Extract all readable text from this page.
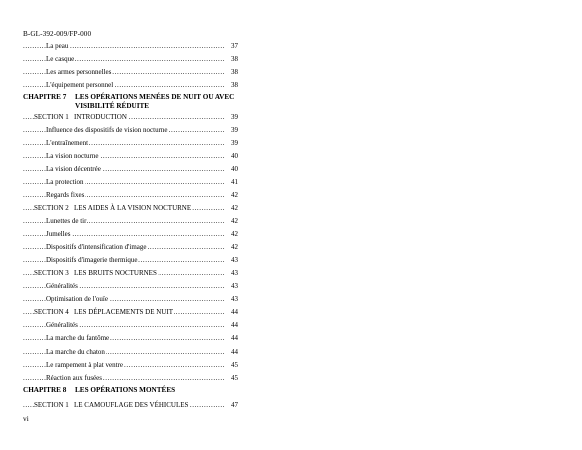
B-GL-392-009/FP-000
.....
La peau	37
.....
Le casque	38
.....
Les armes personnelles	38
.....
L'équipement personnel	38
CHAPITRE 7 LES OPÉRATIONS MENÉES DE NUIT OU AVEC VISIBILITÉ RÉDUITE
.....
SECTION 1 INTRODUCTION	39
.....
Influence des dispositifs de vision nocturne	39
.....
L'entraînement	39
.....
La vision nocturne	40
.....
La vision décentrée	40
.....
La protection	41
.....
Regards fixes	42
.....
SECTION 2 LES AIDES À LA VISION NOCTURNE	42
.....
Lunettes de tir	42
.....
Jumelles	42
.....
Dispositifs d'intensification d'image	42
.....
Dispositifs d'imagerie thermique	43
.....
SECTION 3 LES BRUITS NOCTURNES	43
.....
Généralités	43
.....
Optimisation de l'ouïe	43
.....
SECTION 4 LES DÉPLACEMENTS DE NUIT	44
.....
Généralités	44
.....
La marche du fantôme	44
.....
La marche du chaton	44
.....
Le rampement à plat ventre	45
.....
Réaction aux fusées	45
CHAPITRE 8 LES OPÉRATIONS MONTÉES
.....
SECTION 1 LE CAMOUFLAGE DES VÉHICULES	47
vi
